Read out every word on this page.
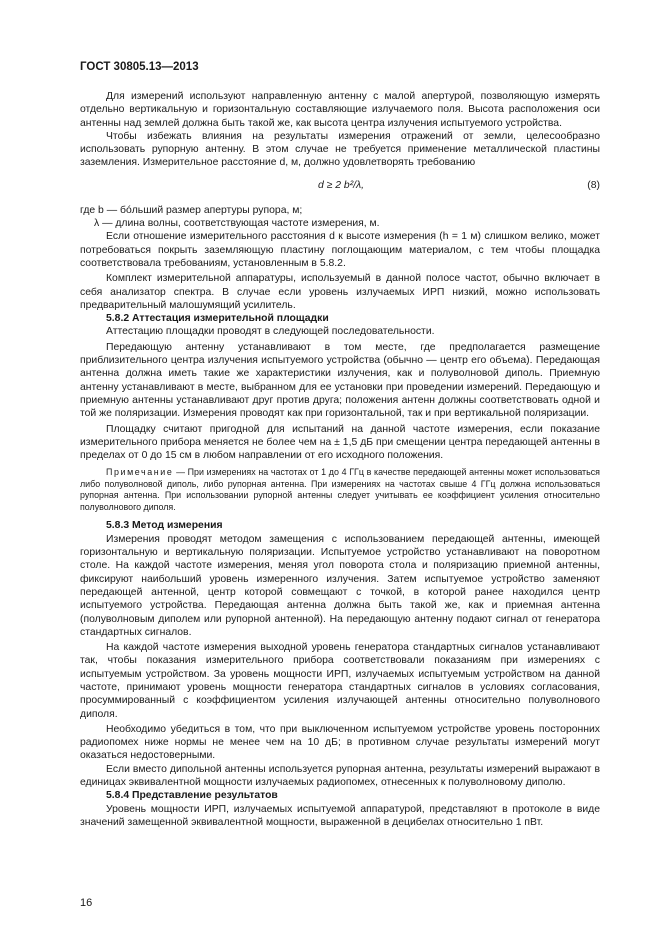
ГОСТ 30805.13—2013

Для измерений используют направленную антенну с малой апертурой, позволяющую измерять отдельно вертикальную и горизонтальную составляющие излучаемого поля. Высота расположения оси антенны над землей должна быть такой же, как высота центра излучения испытуемого устройства.

Чтобы избежать влияния на результаты измерения отражений от земли, целесообразно использовать рупорную антенну. В этом случае не требуется применение металлической пластины заземления. Измерительное расстояние d, м, должно удовлетворять требованию

d ≥ 2 b²/λ,	(8)

где b — бóльший размер апертуры рупора, м;

λ — длина волны, соответствующая частоте измерения, м.

Если отношение измерительного расстояния d к высоте измерения (h = 1 м) слишком велико, может потребоваться покрыть заземляющую пластину поглощающим материалом, с тем чтобы площадка соответствовала требованиям, установленным в 5.8.2.

Комплект измерительной аппаратуры, используемый в данной полосе частот, обычно включает в себя анализатор спектра. В случае если уровень излучаемых ИРП низкий, можно использовать предварительный малошумящий усилитель.

5.8.2 Аттестация измерительной площадки

Аттестацию площадки проводят в следующей последовательности.

Передающую антенну устанавливают в том месте, где предполагается размещение приблизительного центра излучения испытуемого устройства (обычно — центр его объема). Передающая антенна должна иметь такие же характеристики излучения, как и полуволновой диполь. Приемную антенну устанавливают в месте, выбранном для ее установки при проведении измерений. Передающую и приемную антенны устанавливают друг против друга; положения антенн должны соответствовать одной и той же поляризации. Измерения проводят как при горизонтальной, так и при вертикальной поляризации.

Площадку считают пригодной для испытаний на данной частоте измерения, если показание измерительного прибора меняется не более чем на ± 1,5 дБ при смещении центра передающей антенны в пределах от 0 до 15 см в любом направлении от его исходного положения.

Примечание — При измерениях на частотах от 1 до 4 ГГц в качестве передающей антенны может использоваться либо полуволновой диполь, либо рупорная антенна. При измерениях на частотах свыше 4 ГГц должна использоваться рупорная антенна. При использовании рупорной антенны следует учитывать ее коэффициент усиления относительно полуволнового диполя.

5.8.3 Метод измерения

Измерения проводят методом замещения с использованием передающей антенны, имеющей горизонтальную и вертикальную поляризации. Испытуемое устройство устанавливают на поворотном столе. На каждой частоте измерения, меняя угол поворота стола и поляризацию приемной антенны, фиксируют наибольший уровень измеренного излучения. Затем испытуемое устройство заменяют передающей антенной, центр которой совмещают с точкой, в которой ранее находился центр испытуемого устройства. Передающая антенна должна быть такой же, как и приемная антенна (полуволновым диполем или рупорной антенной). На передающую антенну подают сигнал от генератора стандартных сигналов.

На каждой частоте измерения выходной уровень генератора стандартных сигналов устанавливают так, чтобы показания измерительного прибора соответствовали показаниям при измерениях с испытуемым устройством. За уровень мощности ИРП, излучаемых испытуемым устройством на данной частоте, принимают уровень мощности генератора стандартных сигналов в условиях согласования, просуммированный с коэффициентом усиления излучающей антенны относительно полуволнового диполя.

Необходимо убедиться в том, что при выключенном испытуемом устройстве уровень посторонних радиопомех ниже нормы не менее чем на 10 дБ; в противном случае результаты измерений могут оказаться недостоверными.

Если вместо дипольной антенны используется рупорная антенна, результаты измерений выражают в единицах эквивалентной мощности излучаемых радиопомех, отнесенных к полуволновому диполю.

5.8.4 Представление результатов

Уровень мощности ИРП, излучаемых испытуемой аппаратурой, представляют в протоколе в виде значений замещенной эквивалентной мощности, выраженной в децибелах относительно 1 пВт.

16
